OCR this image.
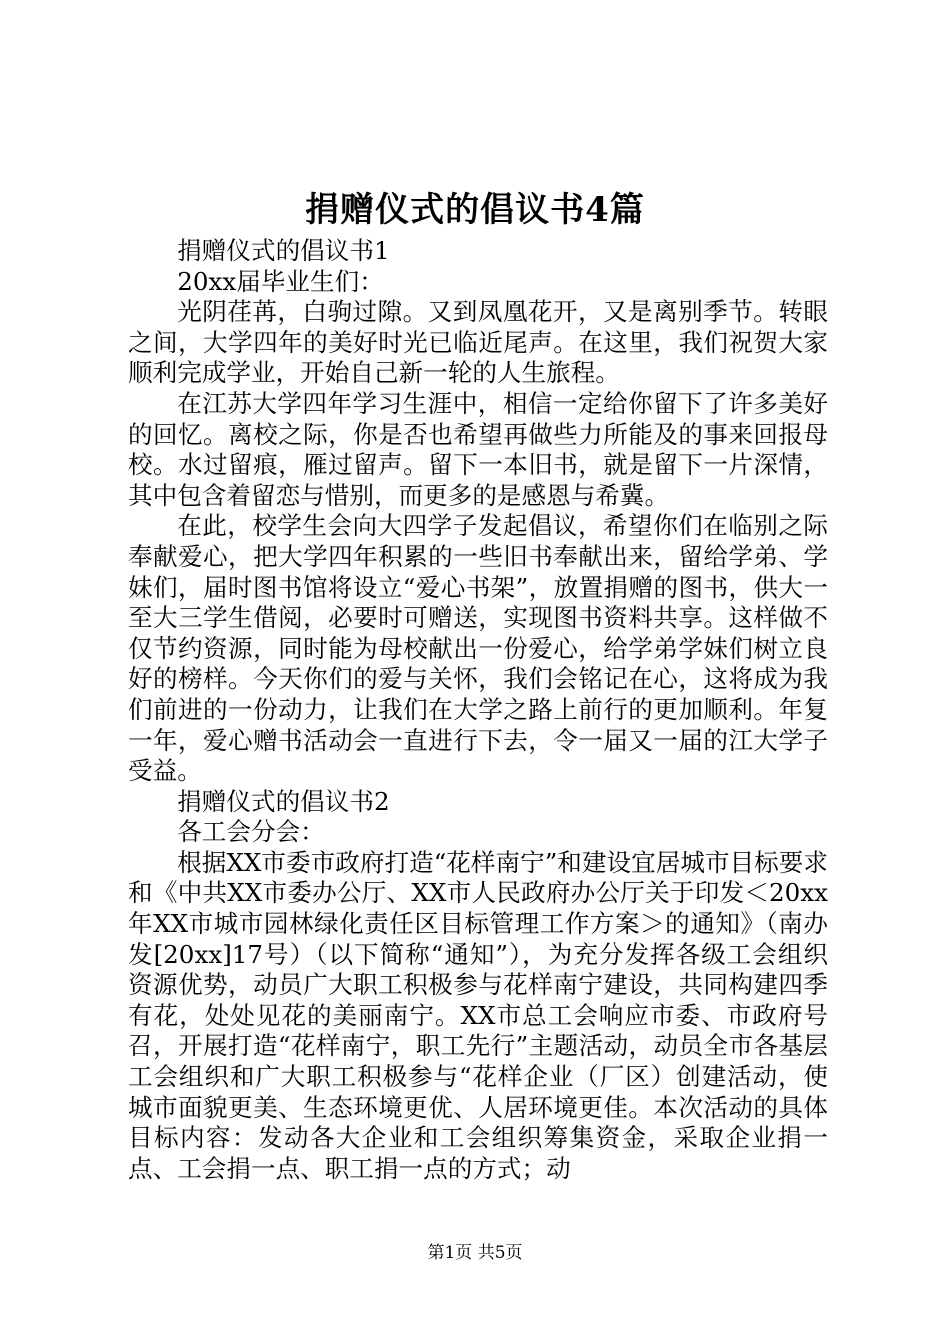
捐赠仪式的倡议书4篇

捐赠仪式的倡议书1

20xx届毕业生们：

光阴荏苒，白驹过隙。又到凤凰花开，又是离别季节。转眼之间，大学四年的美好时光已临近尾声。在这里，我们祝贺大家顺利完成学业，开始自己新一轮的人生旅程。

在江苏大学四年学习生涯中，相信一定给你留下了许多美好的回忆。离校之际，你是否也希望再做些力所能及的事来回报母校。水过留痕，雁过留声。留下一本旧书，就是留下一片深情，其中包含着留恋与惜别，而更多的是感恩与希冀。

在此，校学生会向大四学子发起倡议，希望你们在临别之际奉献爱心，把大学四年积累的一些旧书奉献出来，留给学弟、学妹们，届时图书馆将设立“爱心书架”，放置捐赠的图书，供大一至大三学生借阅，必要时可赠送，实现图书资料共享。这样做不仅节约资源，同时能为母校献出一份爱心，给学弟学妹们树立良好的榜样。今天你们的爱与关怀，我们会铭记在心，这将成为我们前进的一份动力，让我们在大学之路上前行的更加顺利。年复一年，爱心赠书活动会一直进行下去，令一届又一届的江大学子受益。

捐赠仪式的倡议书2

各工会分会：

根据XX市委市政府打造“花样南宁”和建设宜居城市目标要求和《中共XX市委办公厅、XX市人民政府办公厅关于印发＜20xx年XX市城市园林绿化责任区目标管理工作方案＞的通知》（南办发[20xx]17号）（以下简称“通知”），为充分发挥各级工会组织资源优势，动员广大职工积极参与花样南宁建设，共同构建四季有花，处处见花的美丽南宁。XX市总工会响应市委、市政府号召，开展打造“花样南宁，职工先行”主题活动，动员全市各基层工会组织和广大职工积极参与“花样企业（厂区）创建活动，使城市面貌更美、生态环境更优、人居环境更佳。本次活动的具体目标内容：发动各大企业和工会组织筹集资金，采取企业捐一点、工会捐一点、职工捐一点的方式；动

第1页 共5页
